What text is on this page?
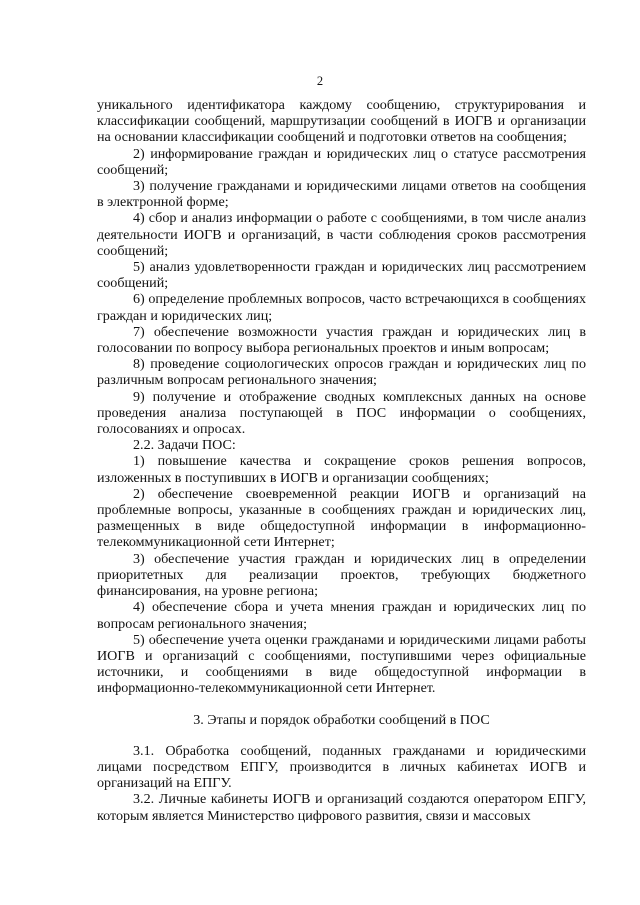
2

уникального идентификатора каждому сообщению, структурирования и классификации сообщений, маршрутизации сообщений в ИОГВ и организации на основании классификации сообщений и подготовки ответов на сообщения;

2) информирование граждан и юридических лиц о статусе рассмотрения сообщений;

3) получение гражданами и юридическими лицами ответов на сообщения в электронной форме;

4) сбор и анализ информации о работе с сообщениями, в том числе анализ деятельности ИОГВ и организаций, в части соблюдения сроков рассмотрения сообщений;

5) анализ удовлетворенности граждан и юридических лиц рассмотрением сообщений;

6) определение проблемных вопросов, часто встречающихся в сообщениях граждан и юридических лиц;

7) обеспечение возможности участия граждан и юридических лиц в голосовании по вопросу выбора региональных проектов и иным вопросам;

8) проведение социологических опросов граждан и юридических лиц по различным вопросам регионального значения;

9) получение и отображение сводных комплексных данных на основе проведения анализа поступающей в ПОС информации о сообщениях, голосованиях и опросах.

2.2. Задачи ПОС:

1) повышение качества и сокращение сроков решения вопросов, изложенных в поступивших в ИОГВ и организации сообщениях;

2) обеспечение своевременной реакции ИОГВ и организаций на проблемные вопросы, указанные в сообщениях граждан и юридических лиц, размещенных в виде общедоступной информации в информационно-телекоммуникационной сети Интернет;

3) обеспечение участия граждан и юридических лиц в определении приоритетных для реализации проектов, требующих бюджетного финансирования, на уровне региона;

4) обеспечение сбора и учета мнения граждан и юридических лиц по вопросам регионального значения;

5) обеспечение учета оценки гражданами и юридическими лицами работы ИОГВ и организаций с сообщениями, поступившими через официальные источники, и сообщениями в виде общедоступной информации в информационно-телекоммуникационной сети Интернет.

3. Этапы и порядок обработки сообщений в ПОС

3.1. Обработка сообщений, поданных гражданами и юридическими лицами посредством ЕПГУ, производится в личных кабинетах ИОГВ и организаций на ЕПГУ.

3.2. Личные кабинеты ИОГВ и организаций создаются оператором ЕПГУ, которым является Министерство цифрового развития, связи и массовых
